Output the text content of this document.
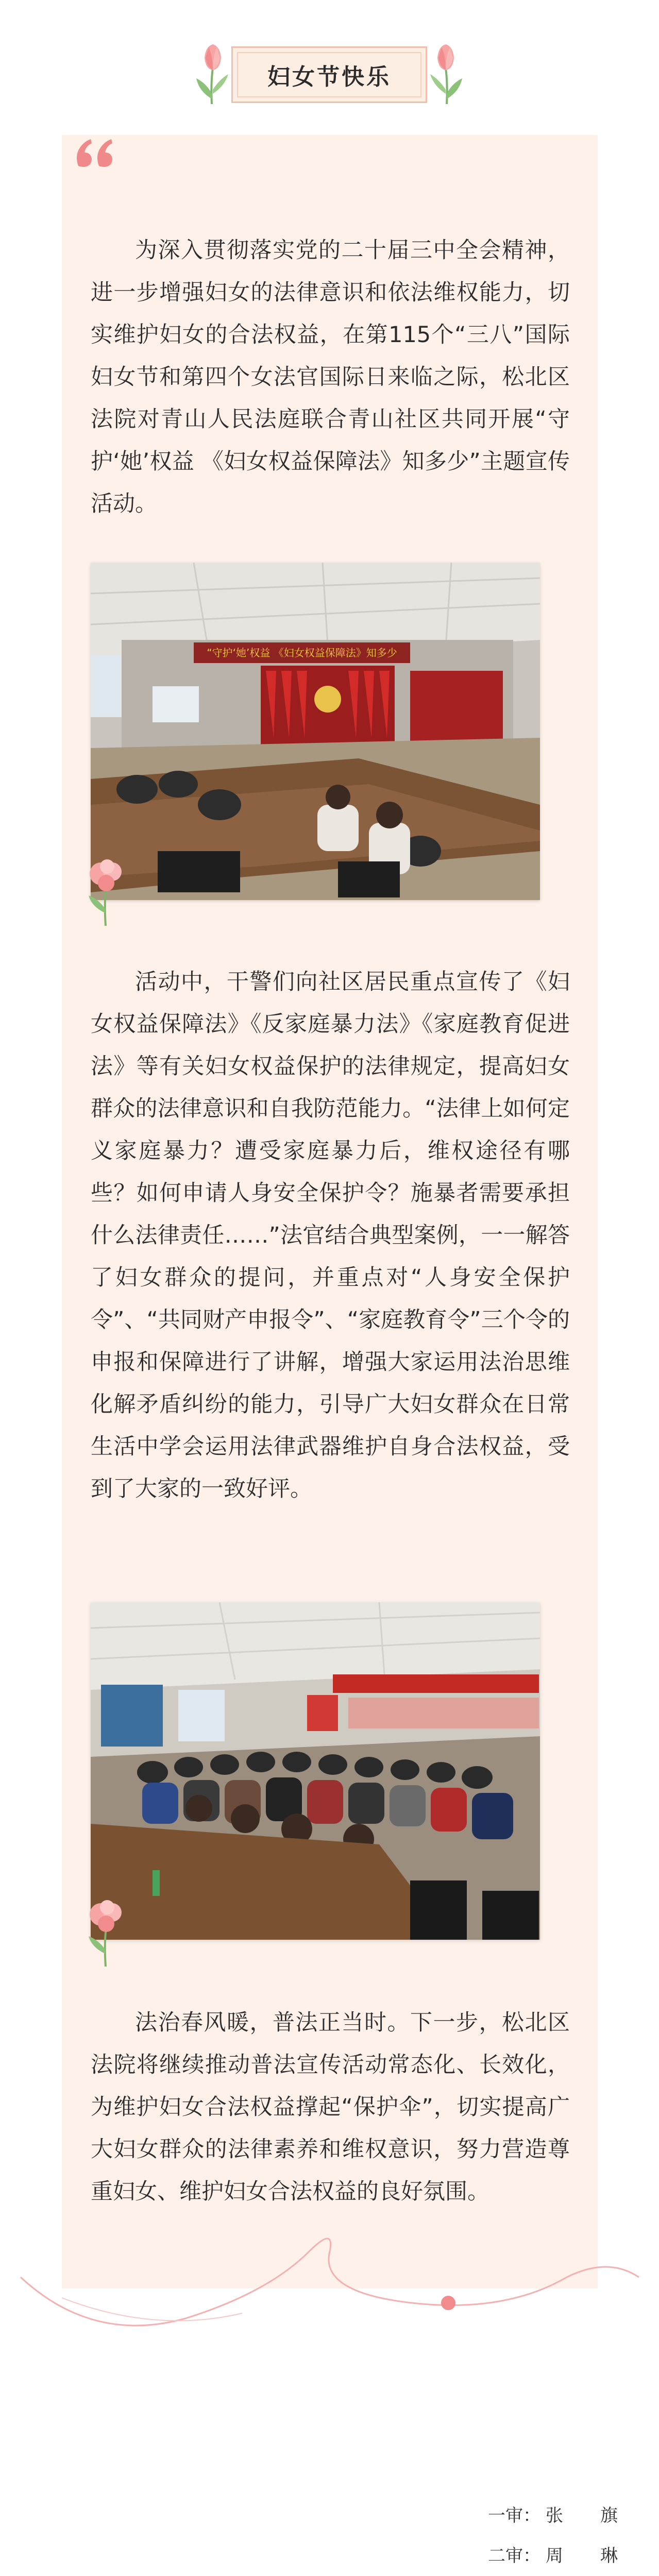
妇女节快乐

为深入贯彻落实党的二十届三中全会精神，进一步增强妇女的法律意识和依法维权能力，切实维护妇女的合法权益，在第115个“三八”国际妇女节和第四个女法官国际日来临之际，松北区法院对青山人民法庭联合青山社区共同开展“守护‘她’权益 《妇女权益保障法》知多少”主题宣传活动。

“守护‘她’权益 《妇女权益保障法》知多少

活动中，干警们向社区居民重点宣传了《妇女权益保障法》《反家庭暴力法》《家庭教育促进法》等有关妇女权益保护的法律规定，提高妇女群众的法律意识和自我防范能力。“法律上如何定义家庭暴力？遭受家庭暴力后，维权途径有哪些？如何申请人身安全保护令？施暴者需要承担什么法律责任……”法官结合典型案例，一一解答了妇女群众的提问，并重点对“人身安全保护令”、“共同财产申报令”、“家庭教育令”三个令的申报和保障进行了讲解，增强大家运用法治思维化解矛盾纠纷的能力，引导广大妇女群众在日常生活中学会运用法律武器维护自身合法权益，受到了大家的一致好评。

法治春风暖，普法正当时。下一步，松北区法院将继续推动普法宣传活动常态化、长效化，为维护妇女合法权益撑起“保护伞”，切实提高广大妇女群众的法律素养和维权意识，努力营造尊重妇女、维护妇女合法权益的良好氛围。

一审： 张　旗
二审： 周　琳
